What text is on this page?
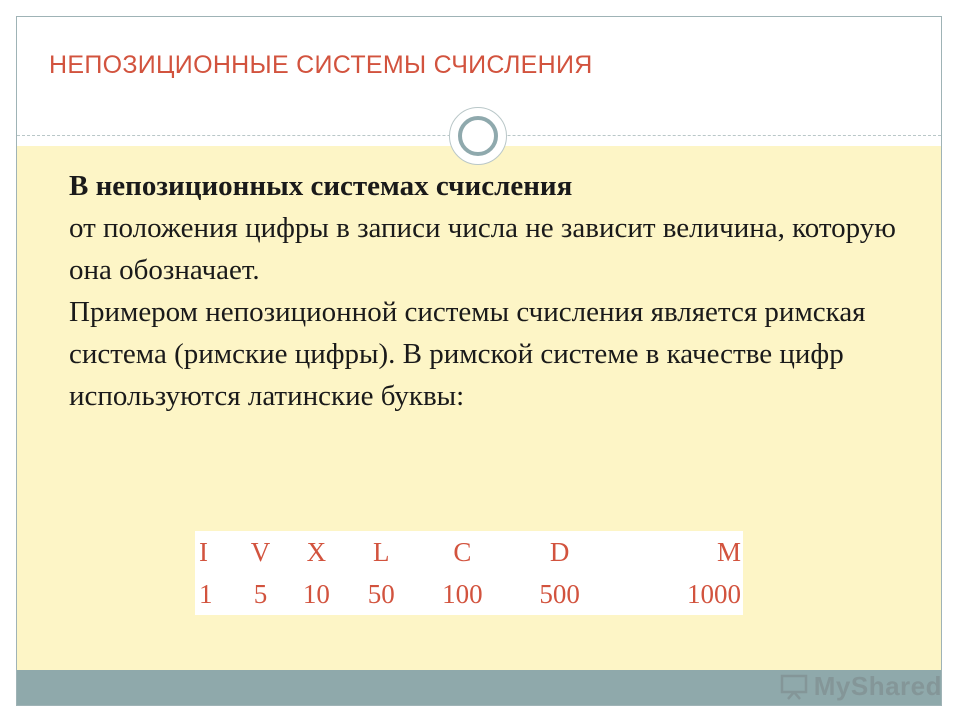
НЕПОЗИЦИОННЫЕ СИСТЕМЫ СЧИСЛЕНИЯ

В непозиционных системах счисления

от положения цифры в записи числа не зависит величина, которую она обозначает.

Примером непозиционной системы счисления является римская система (римские цифры). В римской системе в качестве цифр используются латинские буквы:

I	V	X	L	C	D	M
1	5	10	50	100	500	1000
MyShared
